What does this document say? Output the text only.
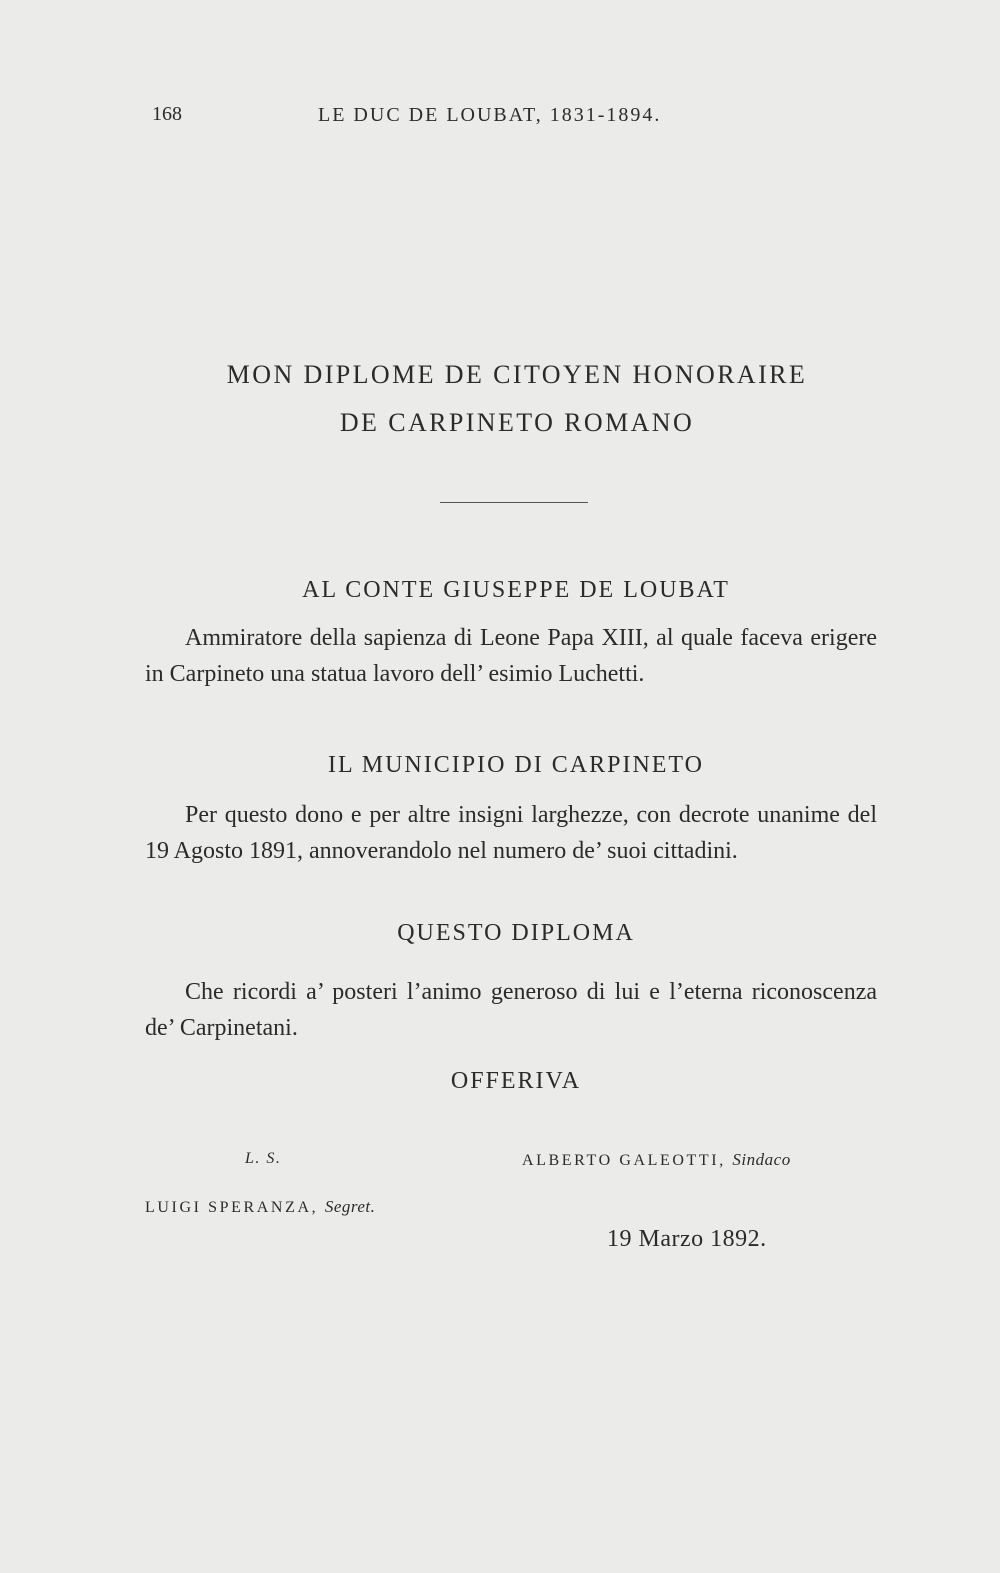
168	LE DUC DE LOUBAT, 1831-1894.
MON DIPLOME DE CITOYEN HONORAIRE
DE CARPINETO ROMANO
AL CONTE GIUSEPPE DE LOUBAT

Ammiratore della sapienza di Leone Papa XIII, al quale faceva erigere in Carpineto una statua lavoro dell’ esimio Luchetti.

IL MUNICIPIO DI CARPINETO

Per questo dono e per altre insigni larghezze, con decrote unanime del 19 Agosto 1891, annoverandolo nel numero de’ suoi cittadini.

QUESTO DIPLOMA

Che ricordi a’ posteri l’animo generoso di lui e l’eterna riconoscenza de’ Carpinetani.

OFFERIVA
L. S.	ALBERTO GALEOTTI, Sindaco
LUIGI SPERANZA, Segret.
19 Marzo 1892.
